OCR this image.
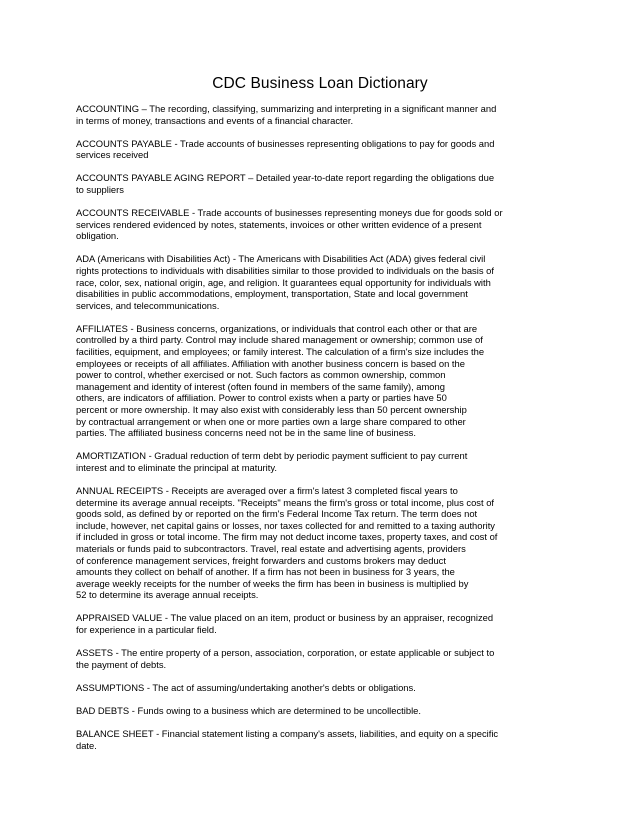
CDC Business Loan Dictionary
ACCOUNTING – The recording, classifying, summarizing and interpreting in a significant manner and
in terms of money, transactions and events of a financial character.
ACCOUNTS PAYABLE - Trade accounts of businesses representing obligations to pay for goods and
services received
ACCOUNTS PAYABLE AGING REPORT – Detailed year-to-date report regarding the obligations due
to suppliers
ACCOUNTS RECEIVABLE - Trade accounts of businesses representing moneys due for goods sold or
services rendered evidenced by notes, statements, invoices or other written evidence of a present
obligation.
ADA (Americans with Disabilities Act) - The Americans with Disabilities Act (ADA) gives federal civil
rights protections to individuals with disabilities similar to those provided to individuals on the basis of
race, color, sex, national origin, age, and religion. It guarantees equal opportunity for individuals with
disabilities in public accommodations, employment, transportation, State and local government
services, and telecommunications.
AFFILIATES - Business concerns, organizations, or individuals that control each other or that are
controlled by a third party. Control may include shared management or ownership; common use of
facilities, equipment, and employees; or family interest. The calculation of a firm's size includes the
employees or receipts of all affiliates. Affiliation with another business concern is based on the
power to control, whether exercised or not. Such factors as common ownership, common
management and identity of interest (often found in members of the same family), among
others, are indicators of affiliation. Power to control exists when a party or parties have 50
percent or more ownership. It may also exist with considerably less than 50 percent ownership
by contractual arrangement or when one or more parties own a large share compared to other
parties. The affiliated business concerns need not be in the same line of business.
AMORTIZATION - Gradual reduction of term debt by periodic payment sufficient to pay current
interest and to eliminate the principal at maturity.
ANNUAL RECEIPTS - Receipts are averaged over a firm's latest 3 completed fiscal years to
determine its average annual receipts. "Receipts" means the firm's gross or total income, plus cost of
goods sold, as defined by or reported on the firm's Federal Income Tax return. The term does not
include, however, net capital gains or losses, nor taxes collected for and remitted to a taxing authority
if included in gross or total income. The firm may not deduct income taxes, property taxes, and cost of
materials or funds paid to subcontractors. Travel, real estate and advertising agents, providers
of conference management services, freight forwarders and customs brokers may deduct
amounts they collect on behalf of another. If a firm has not been in business for 3 years, the
average weekly receipts for the number of weeks the firm has been in business is multiplied by
52 to determine its average annual receipts.
APPRAISED VALUE - The value placed on an item, product or business by an appraiser, recognized
for experience in a particular field.
ASSETS - The entire property of a person, association, corporation, or estate applicable or subject to
the payment of debts.
ASSUMPTIONS - The act of assuming/undertaking another's debts or obligations.
BAD DEBTS - Funds owing to a business which are determined to be uncollectible.
BALANCE SHEET - Financial statement listing a company's assets, liabilities, and equity on a specific
date.
